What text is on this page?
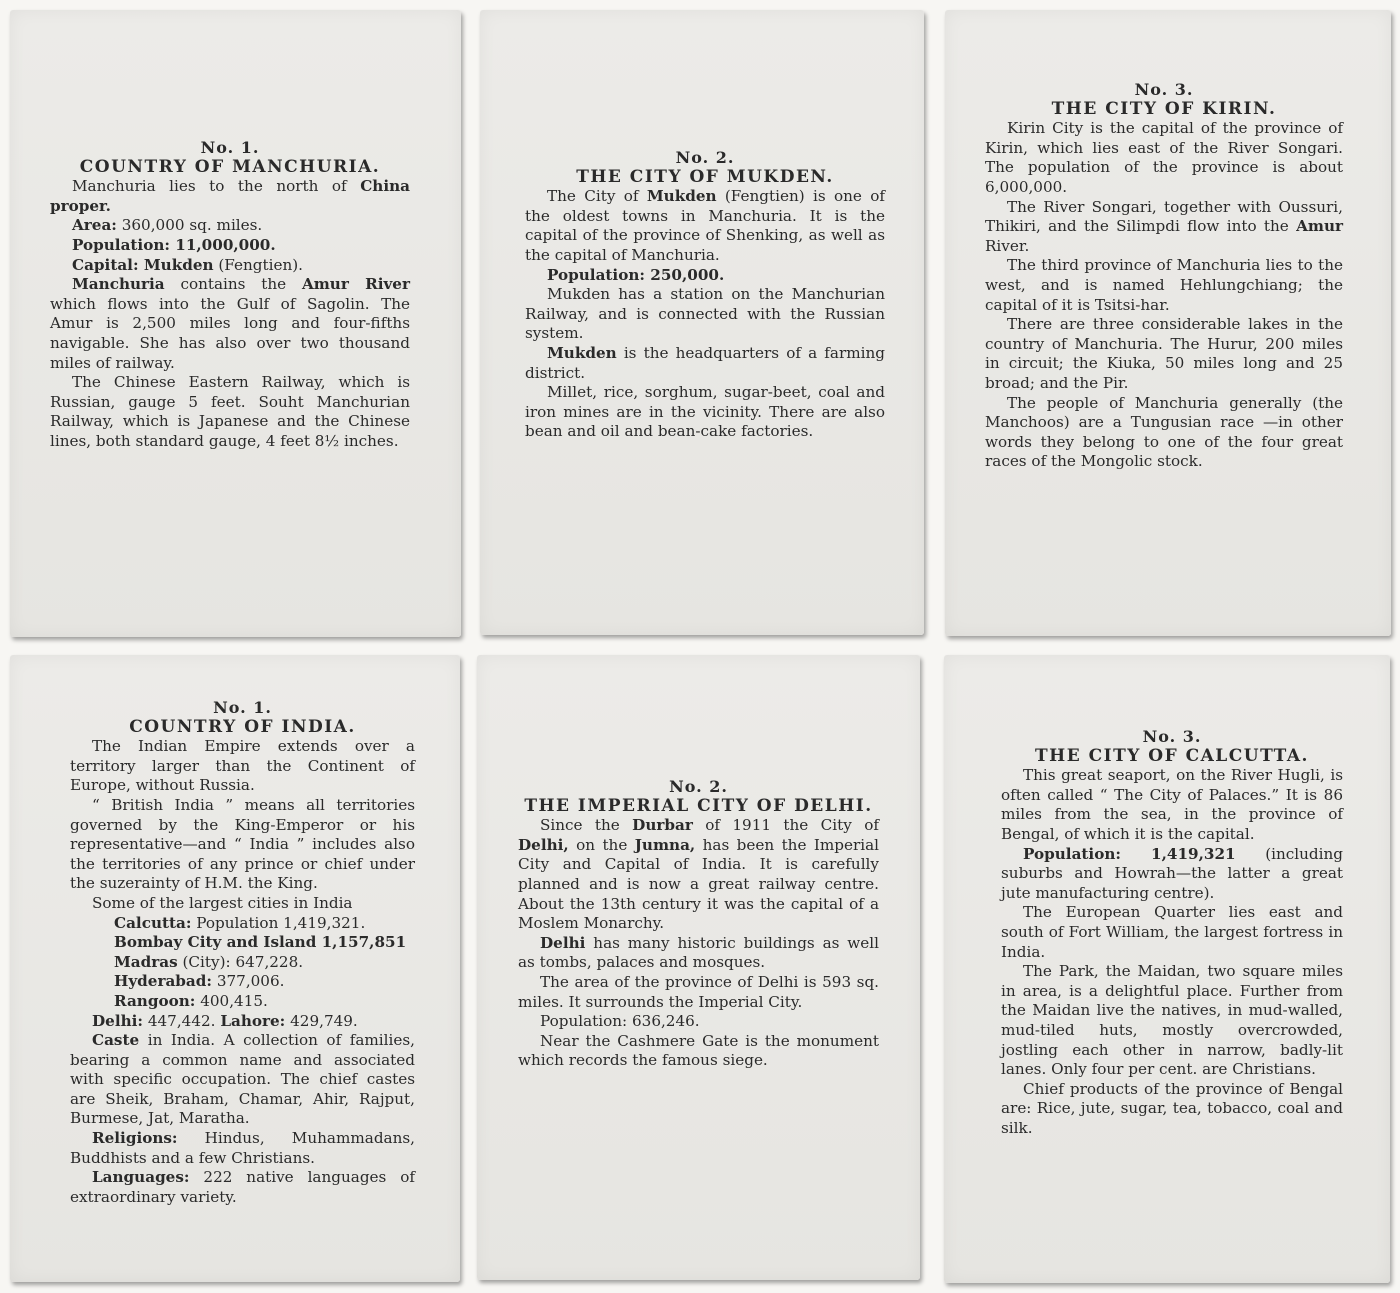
No. 1.

COUNTRY OF MANCHURIA.

Manchuria lies to the north of China proper.

Area: 360,000 sq. miles.

Population: 11,000,000.

Capital: Mukden (Fengtien).

Manchuria contains the Amur River which flows into the Gulf of Sagolin. The Amur is 2,500 miles long and four-fifths navigable. She has also over two thousand miles of railway.

The Chinese Eastern Railway, which is Russian, gauge 5 feet. Souht Manchurian Railway, which is Japanese and the Chinese lines, both standard gauge, 4 feet 8½ inches.

No. 2.

THE CITY OF MUKDEN.

The City of Mukden (Fengtien) is one of the oldest towns in Manchuria. It is the capital of the province of Shenking, as well as the capital of Manchuria.

Population: 250,000.

Mukden has a station on the Manchurian Railway, and is connected with the Russian system.

Mukden is the headquarters of a farming district.

Millet, rice, sorghum, sugar-beet, coal and iron mines are in the vicinity. There are also bean and oil and bean-cake factories.

No. 3.

THE CITY OF KIRIN.

Kirin City is the capital of the province of Kirin, which lies east of the River Songari. The population of the province is about 6,000,000.

The River Songari, together with Oussuri, Thikiri, and the Silimpdi flow into the Amur River.

The third province of Manchuria lies to the west, and is named Hehlungchiang; the capital of it is Tsitsi-har.

There are three considerable lakes in the country of Manchuria. The Hurur, 200 miles in circuit; the Kiuka, 50 miles long and 25 broad; and the Pir.

The people of Manchuria generally (the Manchoos) are a Tungusian race —in other words they belong to one of the four great races of the Mongolic stock.

No. 1.

COUNTRY OF INDIA.

The Indian Empire extends over a territory larger than the Continent of Europe, without Russia.

“ British India ” means all territories governed by the King-Emperor or his representative—and “ India ” includes also the territories of any prince or chief under the suzerainty of H.M. the King.

Some of the largest cities in India

Calcutta: Population 1,419,321.

Bombay City and Island 1,157,851

Madras (City): 647,228.

Hyderabad: 377,006.

Rangoon: 400,415.

Delhi: 447,442. Lahore: 429,749.

Caste in India. A collection of families, bearing a common name and associated with specific occupation. The chief castes are Sheik, Braham, Chamar, Ahir, Rajput, Burmese, Jat, Maratha.

Religions: Hindus, Muhammadans, Buddhists and a few Christians.

Languages: 222 native languages of extraordinary variety.

No. 2.

THE IMPERIAL CITY OF DELHI.

Since the Durbar of 1911 the City of Delhi, on the Jumna, has been the Imperial City and Capital of India. It is carefully planned and is now a great railway centre. About the 13th century it was the capital of a Moslem Monarchy.

Delhi has many historic buildings as well as tombs, palaces and mosques.

The area of the province of Delhi is 593 sq. miles. It surrounds the Imperial City.

Population: 636,246.

Near the Cashmere Gate is the monument which records the famous siege.

No. 3.

THE CITY OF CALCUTTA.

This great seaport, on the River Hugli, is often called “ The City of Palaces.” It is 86 miles from the sea, in the province of Bengal, of which it is the capital.

Population: 1,419,321 (including suburbs and Howrah—the latter a great jute manufacturing centre).

The European Quarter lies east and south of Fort William, the largest fortress in India.

The Park, the Maidan, two square miles in area, is a delightful place. Further from the Maidan live the natives, in mud-walled, mud-tiled huts, mostly overcrowded, jostling each other in narrow, badly-lit lanes. Only four per cent. are Christians.

Chief products of the province of Bengal are: Rice, jute, sugar, tea, tobacco, coal and silk.
